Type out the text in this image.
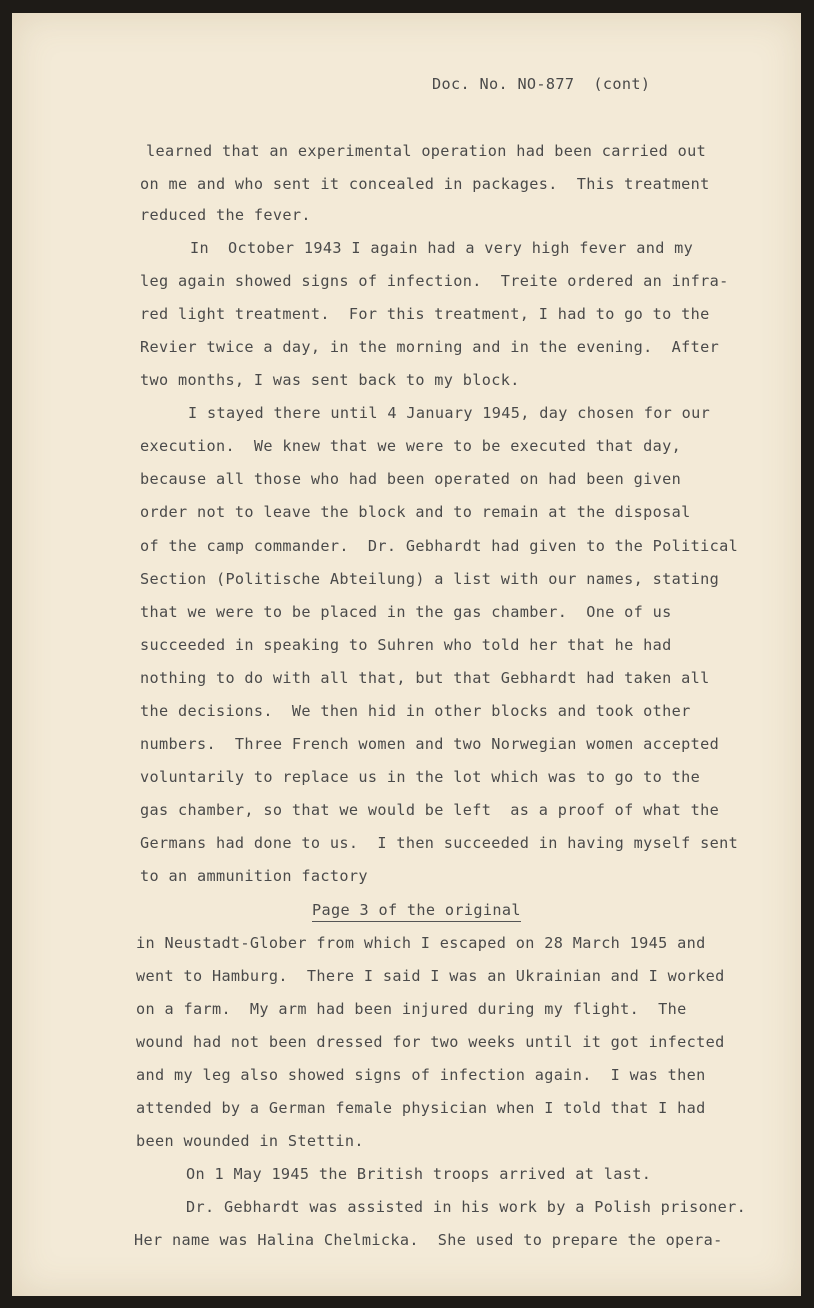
Doc. No. NO-877  (cont)
learned that an experimental operation had been carried out
on me and who sent it concealed in packages.  This treatment
reduced the fever.
In  October 1943 I again had a very high fever and my
leg again showed signs of infection.  Treite ordered an infra-
red light treatment.  For this treatment, I had to go to the
Revier twice a day, in the morning and in the evening.  After
two months, I was sent back to my block.
I stayed there until 4 January 1945, day chosen for our
execution.  We knew that we were to be executed that day,
because all those who had been operated on had been given
order not to leave the block and to remain at the disposal
of the camp commander.  Dr. Gebhardt had given to the Political
Section (Politische Abteilung) a list with our names, stating
that we were to be placed in the gas chamber.  One of us
succeeded in speaking to Suhren who told her that he had
nothing to do with all that, but that Gebhardt had taken all
the decisions.  We then hid in other blocks and took other
numbers.  Three French women and two Norwegian women accepted
voluntarily to replace us in the lot which was to go to the
gas chamber, so that we would be left  as a proof of what the
Germans had done to us.  I then succeeded in having myself sent
to an ammunition factory
Page 3 of the original
in Neustadt-Glober from which I escaped on 28 March 1945 and
went to Hamburg.  There I said I was an Ukrainian and I worked
on a farm.  My arm had been injured during my flight.  The
wound had not been dressed for two weeks until it got infected
and my leg also showed signs of infection again.  I was then
attended by a German female physician when I told that I had
been wounded in Stettin.
On 1 May 1945 the British troops arrived at last.
Dr. Gebhardt was assisted in his work by a Polish prisoner.
Her name was Halina Chelmicka.  She used to prepare the opera-
